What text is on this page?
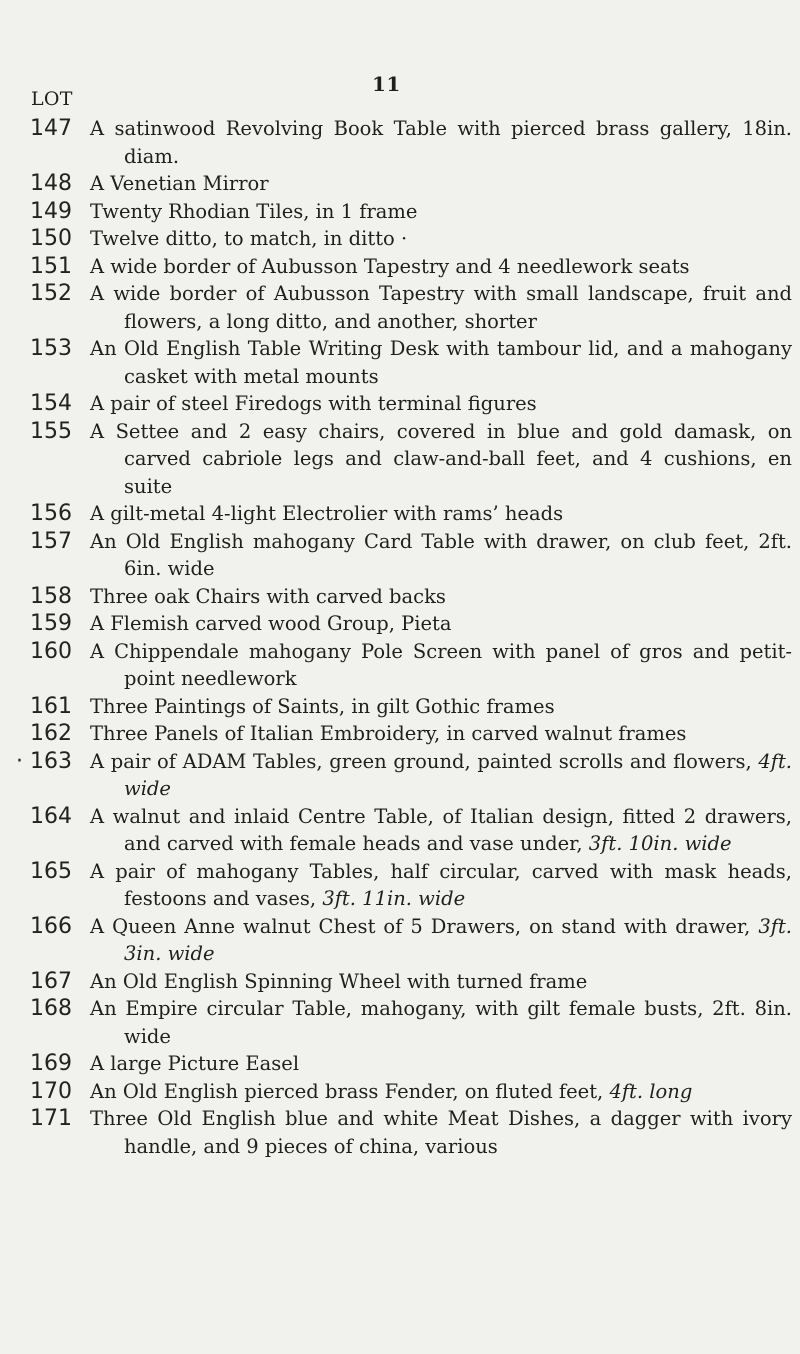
LOT
11
147 A satinwood Revolving Book Table with pierced brass gallery, 18in. diam.
148 A Venetian Mirror
149 Twenty Rhodian Tiles, in 1 frame
150 Twelve ditto, to match, in ditto ·
151 A wide border of Aubusson Tapestry and 4 needlework seats
152 A wide border of Aubusson Tapestry with small landscape, fruit and flowers, a long ditto, and another, shorter
153 An Old English Table Writing Desk with tambour lid, and a mahogany casket with metal mounts
154 A pair of steel Firedogs with terminal figures
155 A Settee and 2 easy chairs, covered in blue and gold damask, on carved cabriole legs and claw-and-ball feet, and 4 cushions, en suite
156 A gilt-metal 4-light Electrolier with rams’ heads
157 An Old English mahogany Card Table with drawer, on club feet, 2ft. 6in. wide
158 Three oak Chairs with carved backs
159 A Flemish carved wood Group, Pieta
160 A Chippendale mahogany Pole Screen with panel of gros and petit-point needlework
161 Three Paintings of Saints, in gilt Gothic frames
162 Three Panels of Italian Embroidery, in carved walnut frames
· 163 A pair of ADAM Tables, green ground, painted scrolls and flowers, 4ft. wide
164 A walnut and inlaid Centre Table, of Italian design, fitted 2 drawers, and carved with female heads and vase under, 3ft. 10in. wide
165 A pair of mahogany Tables, half circular, carved with mask heads, festoons and vases, 3ft. 11in. wide
166 A Queen Anne walnut Chest of 5 Drawers, on stand with drawer, 3ft. 3in. wide
167 An Old English Spinning Wheel with turned frame
168 An Empire circular Table, mahogany, with gilt female busts, 2ft. 8in. wide
169 A large Picture Easel
170 An Old English pierced brass Fender, on fluted feet, 4ft. long
171 Three Old English blue and white Meat Dishes, a dagger with ivory handle, and 9 pieces of china, various
